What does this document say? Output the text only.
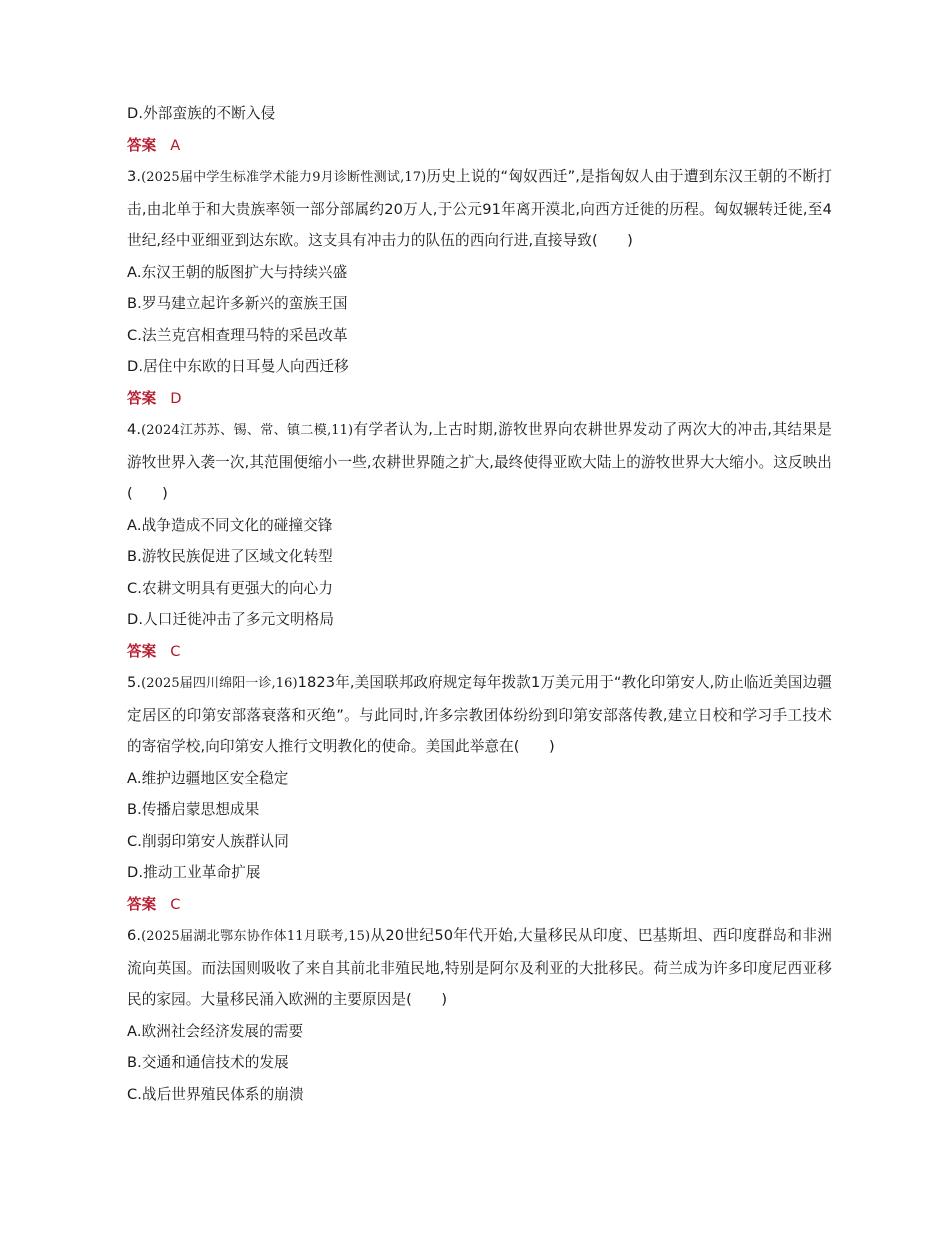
D.外部蛮族的不断入侵
答案 A
3.(2025届中学生标准学术能力9月诊断性测试,17)历史上说的“匈奴西迁”,是指匈奴人由于遭到东汉王朝的不断打击,由北单于和大贵族率领一部分部属约20万人,于公元91年离开漠北,向西方迁徙的历程。匈奴辗转迁徙,至4世纪,经中亚细亚到达东欧。这支具有冲击力的队伍的西向行进,直接导致(　　)
A.东汉王朝的版图扩大与持续兴盛
B.罗马建立起许多新兴的蛮族王国
C.法兰克宫相查理马特的采邑改革
D.居住中东欧的日耳曼人向西迁移
答案 D
4.(2024江苏苏、锡、常、镇二模,11)有学者认为,上古时期,游牧世界向农耕世界发动了两次大的冲击,其结果是游牧世界入袭一次,其范围便缩小一些,农耕世界随之扩大,最终使得亚欧大陆上的游牧世界大大缩小。这反映出(　　)
A.战争造成不同文化的碰撞交锋
B.游牧民族促进了区域文化转型
C.农耕文明具有更强大的向心力
D.人口迁徙冲击了多元文明格局
答案 C
5.(2025届四川绵阳一诊,16)1823年,美国联邦政府规定每年拨款1万美元用于“教化印第安人,防止临近美国边疆定居区的印第安部落衰落和灭绝”。与此同时,许多宗教团体纷纷到印第安部落传教,建立日校和学习手工技术的寄宿学校,向印第安人推行文明教化的使命。美国此举意在(　　)
A.维护边疆地区安全稳定
B.传播启蒙思想成果
C.削弱印第安人族群认同
D.推动工业革命扩展
答案 C
6.(2025届湖北鄂东协作体11月联考,15)从20世纪50年代开始,大量移民从印度、巴基斯坦、西印度群岛和非洲流向英国。而法国则吸收了来自其前北非殖民地,特别是阿尔及利亚的大批移民。荷兰成为许多印度尼西亚移民的家园。大量移民涌入欧洲的主要原因是(　　)
A.欧洲社会经济发展的需要
B.交通和通信技术的发展
C.战后世界殖民体系的崩溃
